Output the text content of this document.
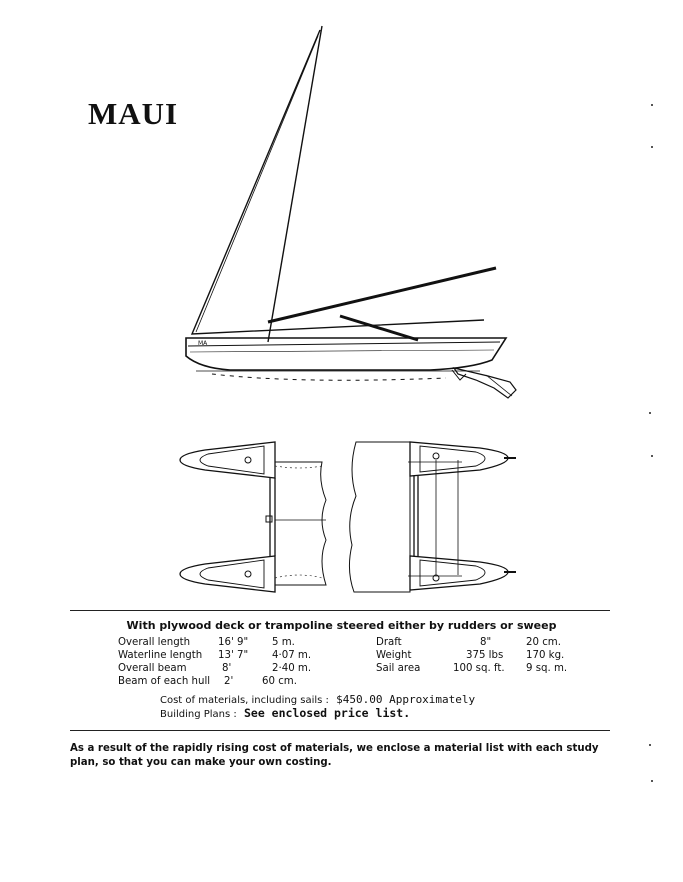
MAUI
MA
With plywood deck or trampoline steered either by rudders or sweep
Overall length	16' 9" 5 m.
Waterline length 13' 7" 4·07 m.
Overall beam	8'	2·40 m.
Beam of each hull 2'	60 cm.
Draft	8"	20 cm.
Weight	375 lbs 170 kg.
Sail area	100 sq. ft. 9 sq. m.
Cost of materials, including sails : $450.00 Approximately
Building Plans : See enclosed price list.
As a result of the rapidly rising cost of materials, we enclose a material list with each study plan, so that you can make your own costing.
